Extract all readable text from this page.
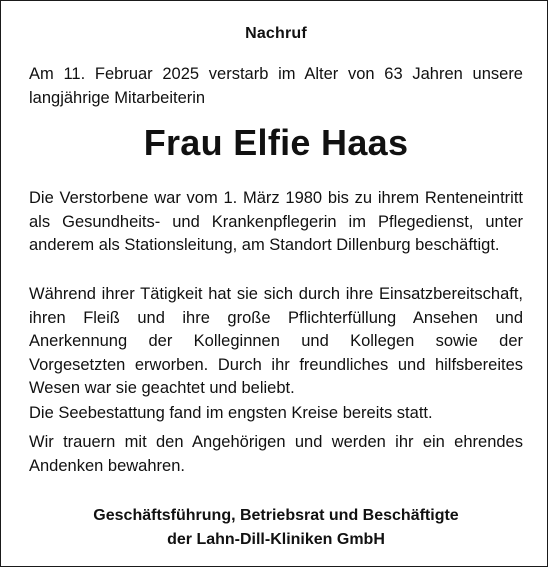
Nachruf
Am 11. Februar 2025 verstarb im Alter von 63 Jahren unsere langjährige Mitarbeiterin
Frau Elfie Haas

Die Verstorbene war vom 1. März 1980 bis zu ihrem Renteneintritt als Gesundheits- und Krankenpflegerin im Pflegedienst, unter anderem als Stationsleitung, am Standort Dillenburg beschäftigt.

Während ihrer Tätigkeit hat sie sich durch ihre Einsatzbereitschaft, ihren Fleiß und ihre große Pflichterfüllung Ansehen und Anerkennung der Kolleginnen und Kollegen sowie der Vorgesetzten erworben. Durch ihr freundliches und hilfsbereites Wesen war sie geachtet und beliebt.

Die Seebestattung fand im engsten Kreise bereits statt.

Wir trauern mit den Angehörigen und werden ihr ein ehrendes Andenken bewahren.

Geschäftsführung, Betriebsrat und Beschäftigte
der Lahn-Dill-Kliniken GmbH
